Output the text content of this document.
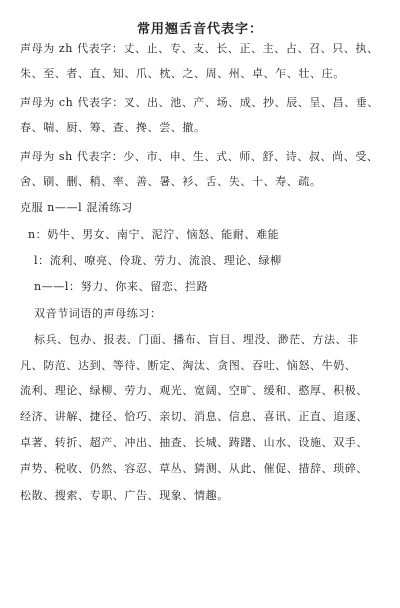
常用翘舌音代表字：
声母为 zh 代表字：丈、止、专、支、长、正、主、占、召、只、执、
朱、至、者、直、知、爪、枕、之、周、州、卓、乍、壮、庄。
声母为 ch 代表字：叉、出、池、产、场、成、抄、辰、呈、昌、垂、
春、喘、厨、筹、查、搀、尝、撤。
声母为 sh 代表字：少、市、申、生、式、师、舒、诗、叔、尚、受、
舍、刷、删、稍、率、善、暑、衫、舌、失、十、寿、疏。
克服 n——l 混淆练习
n：奶牛、男女、南宁、泥泞、恼怒、能耐、难能
l：流利、嘹亮、伶珑、劳力、流浪、理论、绿柳
n——l：努力、你来、留恋、拦路
双音节词语的声母练习：
标兵、包办、报表、门面、播布、盲目、埋没、渺茫、方法、非
凡、防范、达到、等待、断定、淘汰、贪图、吞吐、恼怒、牛奶、
流利、理论、绿柳、劳力、观光、宽阔、空旷、缓和、憨厚、积极、
经济、讲解、捷径、恰巧、亲切、消息、信息、喜讯、正直、追逐、
卓著、转折、超产、冲出、抽查、长城、踌躇、山水、设施、双手、
声势、税收、仍然、容忍、草丛、猜测、从此、催促、措辞、琐碎、
松散、搜索、专职、广告、现象、情趣。
